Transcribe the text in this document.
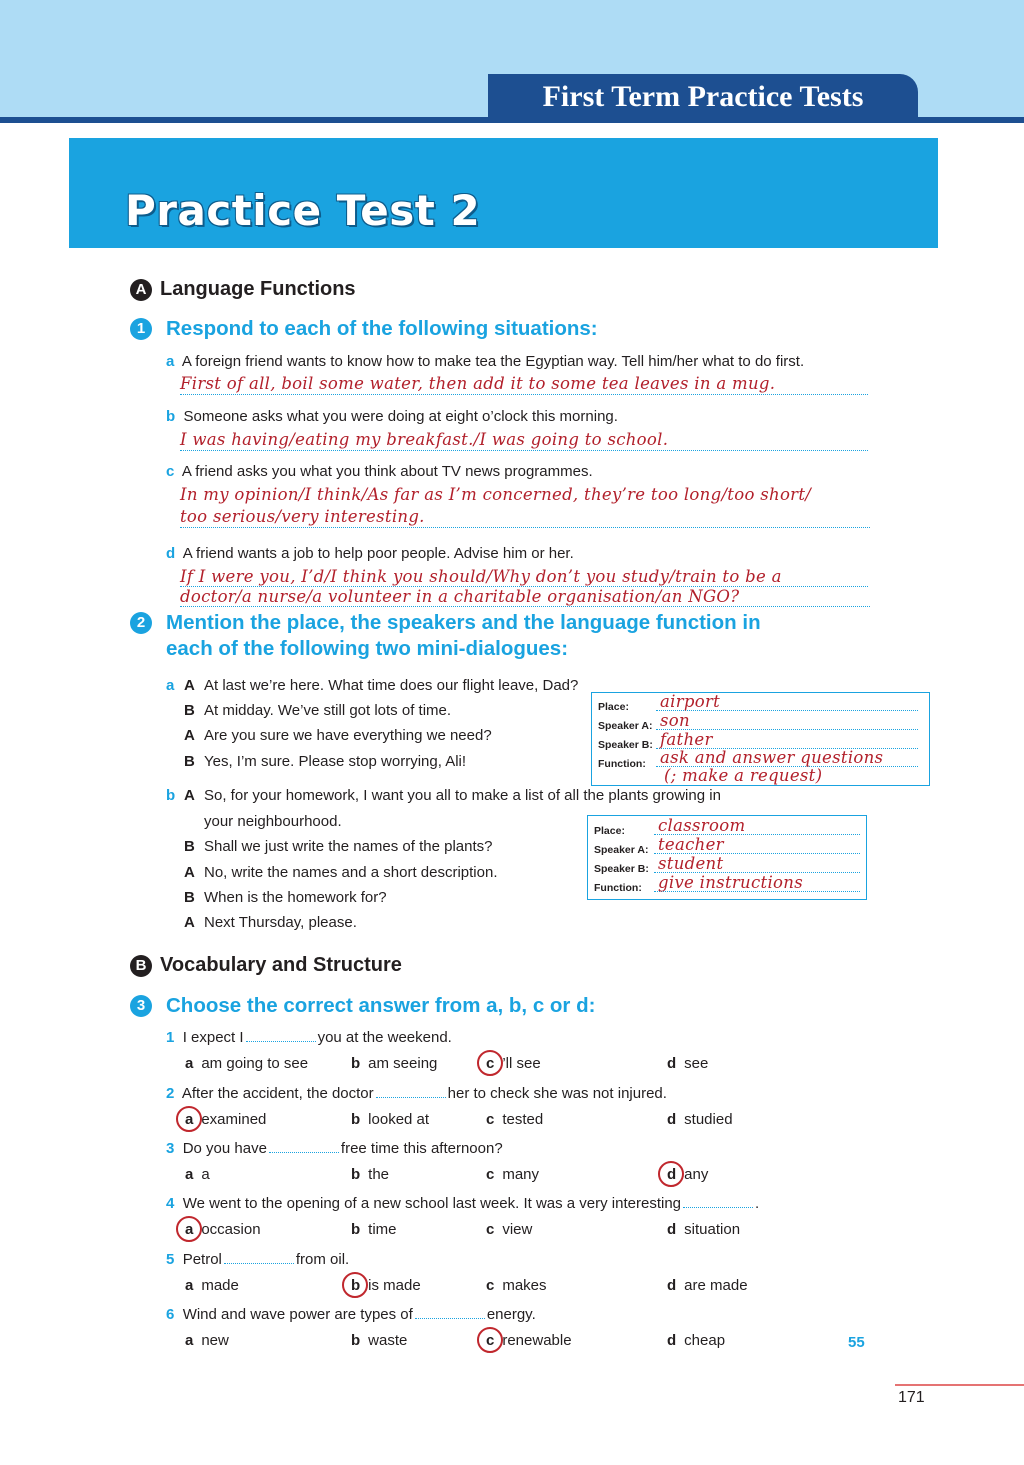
First Term Practice Tests
Practice Test 2
A Language Functions
1	Respond to each of the following situations:
a A foreign friend wants to know how to make tea the Egyptian way. Tell him/her what to do first.
First of all, boil some water, then add it to some tea leaves in a mug.
b Someone asks what you were doing at eight o’clock this morning.
I was having/eating my breakfast./I was going to school.
c A friend asks you what you think about TV news programmes.
In my opinion/I think/As far as I’m concerned, they’re too long/too short/
too serious/very interesting.
d A friend wants a job to help poor people. Advise him or her.
If I were you, I’d/I think you should/Why don’t you study/train to be a
doctor/a nurse/a volunteer in a charitable organisation/an NGO?
2	Mention the place, the speakers and the language function in
each of the following two mini-dialogues:
a A At last we’re here. What time does our flight leave, Dad?
B At midday. We’ve still got lots of time.
A Are you sure we have everything we need?
B Yes, I’m sure. Please stop worrying, Ali!
Place: airport
Speaker A: son
Speaker B: father
Function: ask and answer questions
(; make a request)
b A So, for your homework, I want you all to make a list of all the plants growing in
your neighbourhood.
B Shall we just write the names of the plants?
A No, write the names and a short description.
B When is the homework for?
A Next Thursday, please.
Place: classroom
Speaker A: teacher
Speaker B: student
Function: give instructions
B Vocabulary and Structure
3	Choose the correct answer from a, b, c or d:
1 I expect I	you at the weekend.
a am going to see	b am seeing	c ’ll see	d see
2 After the accident, the doctor	her to check she was not injured.
a examined	b looked at	c tested	d studied
3 Do you have	free time this afternoon?
a a	b the	c many	d any
4 We went to the opening of a new school last week. It was a very interesting	.
a occasion	b time	c view	d situation
5 Petrol	from oil.
a made	b is made	c makes	d are made
6 Wind and wave power are types of	energy.
a new	b waste	c renewable	d cheap	55
171
